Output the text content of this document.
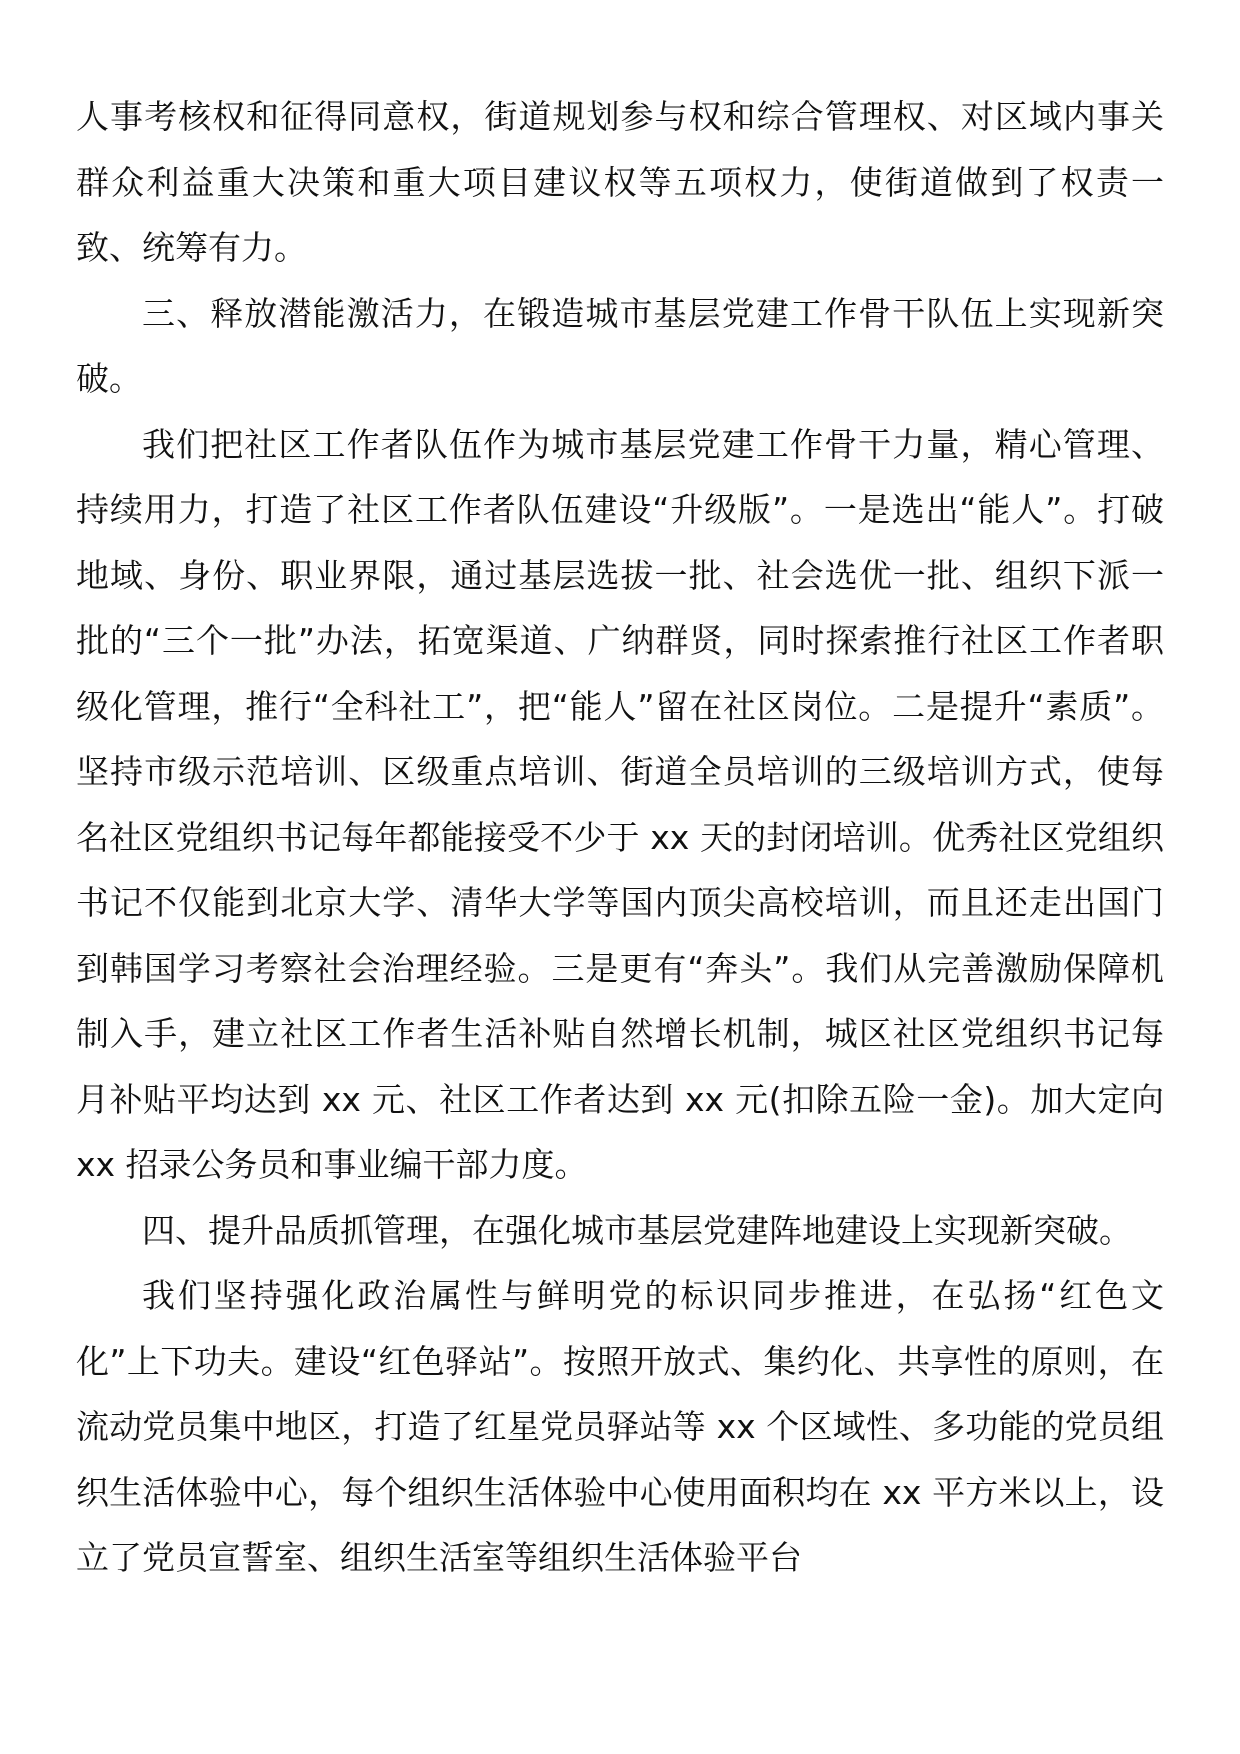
人事考核权和征得同意权，街道规划参与权和综合管理权、对区域内事关群众利益重大决策和重大项目建议权等五项权力，使街道做到了权责一致、统筹有力。

三、释放潜能激活力，在锻造城市基层党建工作骨干队伍上实现新突破。

我们把社区工作者队伍作为城市基层党建工作骨干力量，精心管理、持续用力，打造了社区工作者队伍建设“升级版”。一是选出“能人”。打破地域、身份、职业界限，通过基层选拔一批、社会选优一批、组织下派一批的“三个一批”办法，拓宽渠道、广纳群贤，同时探索推行社区工作者职级化管理，推行“全科社工”，把“能人”留在社区岗位。二是提升“素质”。坚持市级示范培训、区级重点培训、街道全员培训的三级培训方式，使每名社区党组织书记每年都能接受不少于 xx 天的封闭培训。优秀社区党组织书记不仅能到北京大学、清华大学等国内顶尖高校培训，而且还走出国门到韩国学习考察社会治理经验。三是更有“奔头”。我们从完善激励保障机制入手，建立社区工作者生活补贴自然增长机制，城区社区党组织书记每月补贴平均达到 xx 元、社区工作者达到 xx 元(扣除五险一金)。加大定向 xx 招录公务员和事业编干部力度。

四、提升品质抓管理，在强化城市基层党建阵地建设上实现新突破。

我们坚持强化政治属性与鲜明党的标识同步推进，在弘扬“红色文化”上下功夫。建设“红色驿站”。按照开放式、集约化、共享性的原则，在流动党员集中地区，打造了红星党员驿站等 xx 个区域性、多功能的党员组织生活体验中心，每个组织生活体验中心使用面积均在 xx 平方米以上，设立了党员宣誓室、组织生活室等组织生活体验平台
